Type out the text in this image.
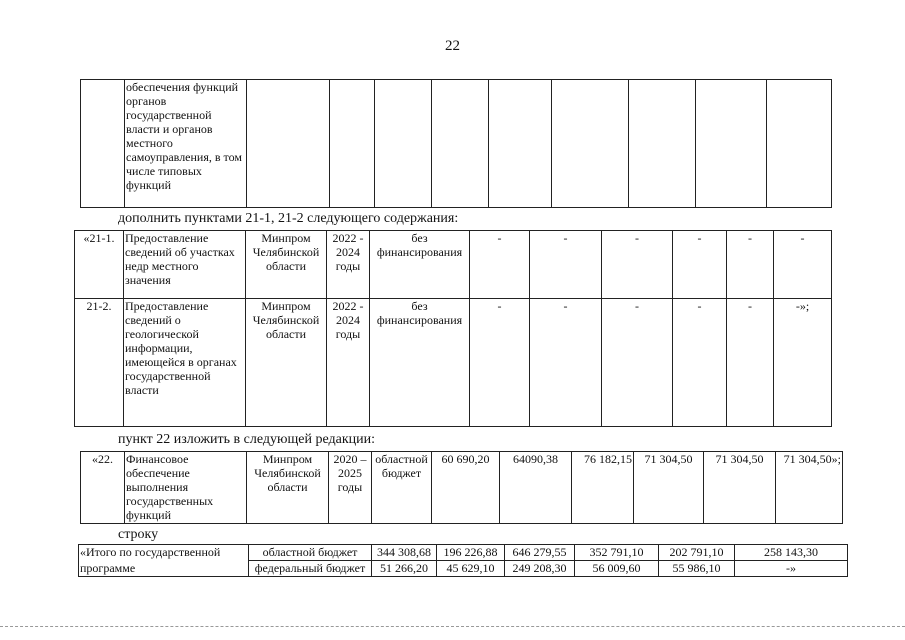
22
	обеспечения функций органов государственной власти и органов местного самоуправления, в том числе типовых функций									
дополнить пунктами 21-1, 21-2 следующего содержания:
«21-1.	Предоставление сведений об участках недр местного значения	Минпром Челябинской области	2022 - 2024 годы	без финансирования	-	-	-	-	-	-
21-2.	Предоставление сведений о геологической информации, имеющейся в органах государственной власти	Минпром Челябинской области	2022 - 2024 годы	без финансирования	-	-	-	-	-	-»;
пункт 22 изложить в следующей редакции:
«22.	Финансовое обеспечение выполнения государственных функций	Минпром Челябинской области	2020 – 2025 годы	областной бюджет	60 690,20	64090,38	76 182,15	71 304,50	71 304,50	71 304,50»;
строку
«Итого по государственной	областной бюджет	344 308,68	196 226,88	646 279,55	352 791,10	202 791,10	258 143,30
программе	федеральный бюджет	51 266,20	45 629,10	249 208,30	56 009,60	55 986,10	-»
